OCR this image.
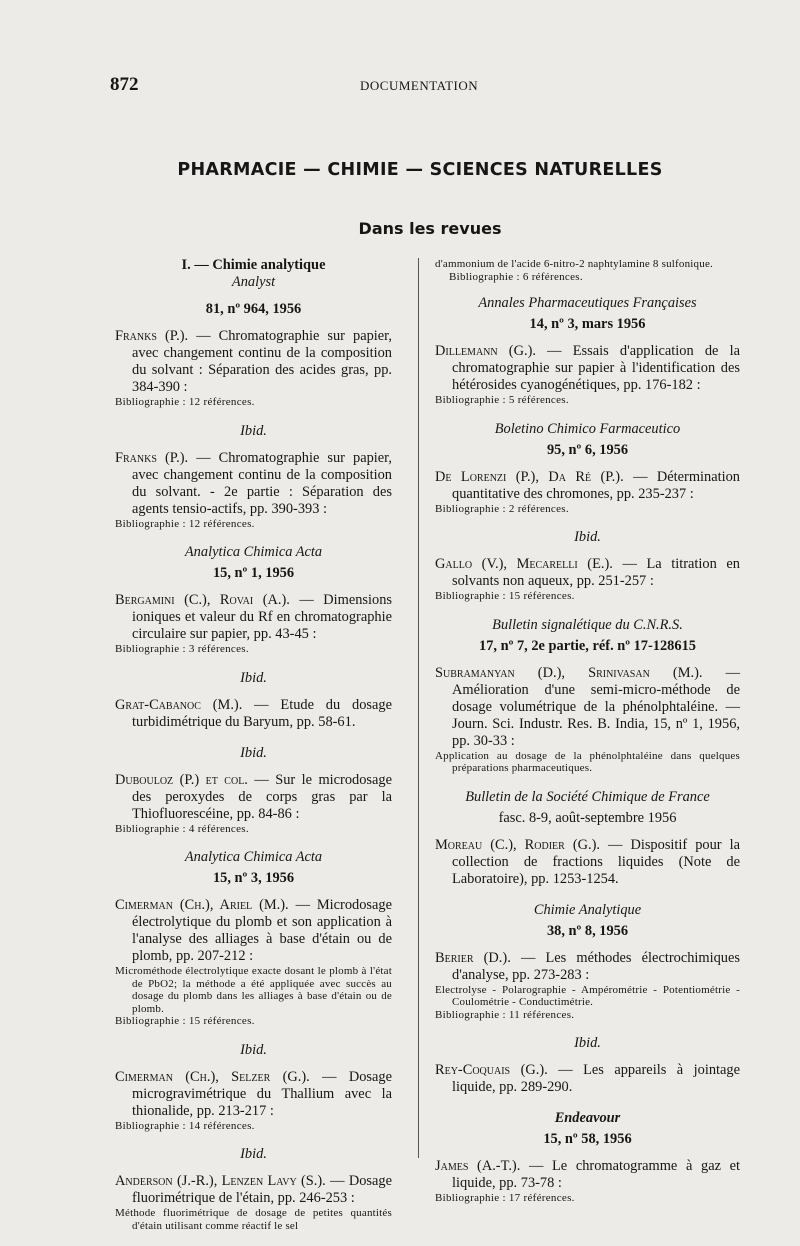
872	DOCUMENTATION
PHARMACIE — CHIMIE — SCIENCES NATURELLES
Dans les revues

I. — Chimie analytique

Analyst

81, nº 964, 1956

Franks (P.). — Chromatographie sur papier, avec changement continu de la composition du solvant : Séparation des acides gras, pp. 384-390 :

Bibliographie : 12 références.

Ibid.

Franks (P.). — Chromatographie sur papier, avec changement continu de la composition du solvant. - 2e partie : Séparation des agents tensio-actifs, pp. 390-393 :

Bibliographie : 12 références.

Analytica Chimica Acta

15, nº 1, 1956

Bergamini (C.), Rovai (A.). — Dimensions ioniques et valeur du Rf en chromatographie circulaire sur papier, pp. 43-45 :

Bibliographie : 3 références.

Ibid.

Grat-Cabanoc (M.). — Etude du dosage turbidimétrique du Baryum, pp. 58-61.

Ibid.

Dubouloz (P.) et col. — Sur le microdosage des peroxydes de corps gras par la Thiofluorescéine, pp. 84-86 :

Bibliographie : 4 références.

Analytica Chimica Acta

15, nº 3, 1956

Cimerman (Ch.), Ariel (M.). — Microdosage électrolytique du plomb et son application à l'analyse des alliages à base d'étain ou de plomb, pp. 207-212 :

Microméthode électrolytique exacte dosant le plomb à l'état de PbO2; la méthode a été appliquée avec succès au dosage du plomb dans les alliages à base d'étain ou de plomb.

Bibliographie : 15 références.

Ibid.

Cimerman (Ch.), Selzer (G.). — Dosage microgravimétrique du Thallium avec la thionalide, pp. 213-217 :

Bibliographie : 14 références.

Ibid.

Anderson (J.-R.), Lenzen Lavy (S.). — Dosage fluorimétrique de l'étain, pp. 246-253 :

Méthode fluorimétrique de dosage de petites quantités d'étain utilisant comme réactif le sel

d'ammonium de l'acide 6-nitro-2 naphtylamine 8 sulfonique.

Bibliographie : 6 références.

Annales Pharmaceutiques Françaises

14, nº 3, mars 1956

Dillemann (G.). — Essais d'application de la chromatographie sur papier à l'identification des hétérosides cyanogénétiques, pp. 176-182 :

Bibliographie : 5 références.

Boletino Chimico Farmaceutico

95, nº 6, 1956

De Lorenzi (P.), Da Ré (P.). — Détermination quantitative des chromones, pp. 235-237 :

Bibliographie : 2 références.

Ibid.

Gallo (V.), Mecarelli (E.). — La titration en solvants non aqueux, pp. 251-257 :

Bibliographie : 15 références.

Bulletin signalétique du C.N.R.S.

17, nº 7, 2e partie, réf. nº 17-128615

Subramanyan (D.), Srinivasan (M.). — Amélioration d'une semi-micro-méthode de dosage volumétrique de la phénolphtaléine. — Journ. Sci. Industr. Res. B. India, 15, nº 1, 1956, pp. 30-33 :

Application au dosage de la phénolphtaléine dans quelques préparations pharmaceutiques.

Bulletin de la Société Chimique de France

fasc. 8-9, août-septembre 1956

Moreau (C.), Rodier (G.). — Dispositif pour la collection de fractions liquides (Note de Laboratoire), pp. 1253-1254.

Chimie Analytique

38, nº 8, 1956

Berier (D.). — Les méthodes électrochimiques d'analyse, pp. 273-283 :

Electrolyse - Polarographie - Ampérométrie - Potentiométrie - Coulométrie - Conductimétrie.

Bibliographie : 11 références.

Ibid.

Rey-Coquais (G.). — Les appareils à jointage liquide, pp. 289-290.

Endeavour

15, nº 58, 1956

James (A.-T.). — Le chromatogramme à gaz et liquide, pp. 73-78 :

Bibliographie : 17 références.
